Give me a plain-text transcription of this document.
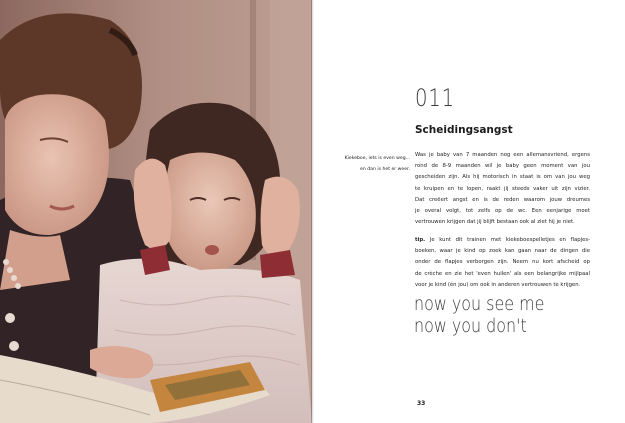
011
Scheidingsangst
Kiekeboe, iets is even weg...
en dan is het er weer.
Was je baby van 7 maanden nog een allemansvriend, ergens
rond de 8-9 maanden wil je baby geen moment van jou
gescheiden zijn. Als hij motorisch in staat is om van jou weg
te kruipen en te lopen, raakt jij steeds vaker uit zijn vizier.
Dat creëert angst en is de reden waarom jouw dreumes
je overal volgt, tot zelfs op de wc. Een eenjarige moet
vertrouwen krijgen dat jij blijft bestaan ook al ziet hij je niet.
tip. Je kunt dit trainen met kiekeboespelletjes en flapjes-
boeken, waar je kind op zoek kan gaan naar de dingen die
onder de flapjes verborgen zijn. Neem nu kort afscheid op
de crèche en zie het 'even huilen' als een belangrijke mijlpaal
voor je kind (én jou) om ook in anderen vertrouwen te krijgen.
now you see me
now you don't
33
